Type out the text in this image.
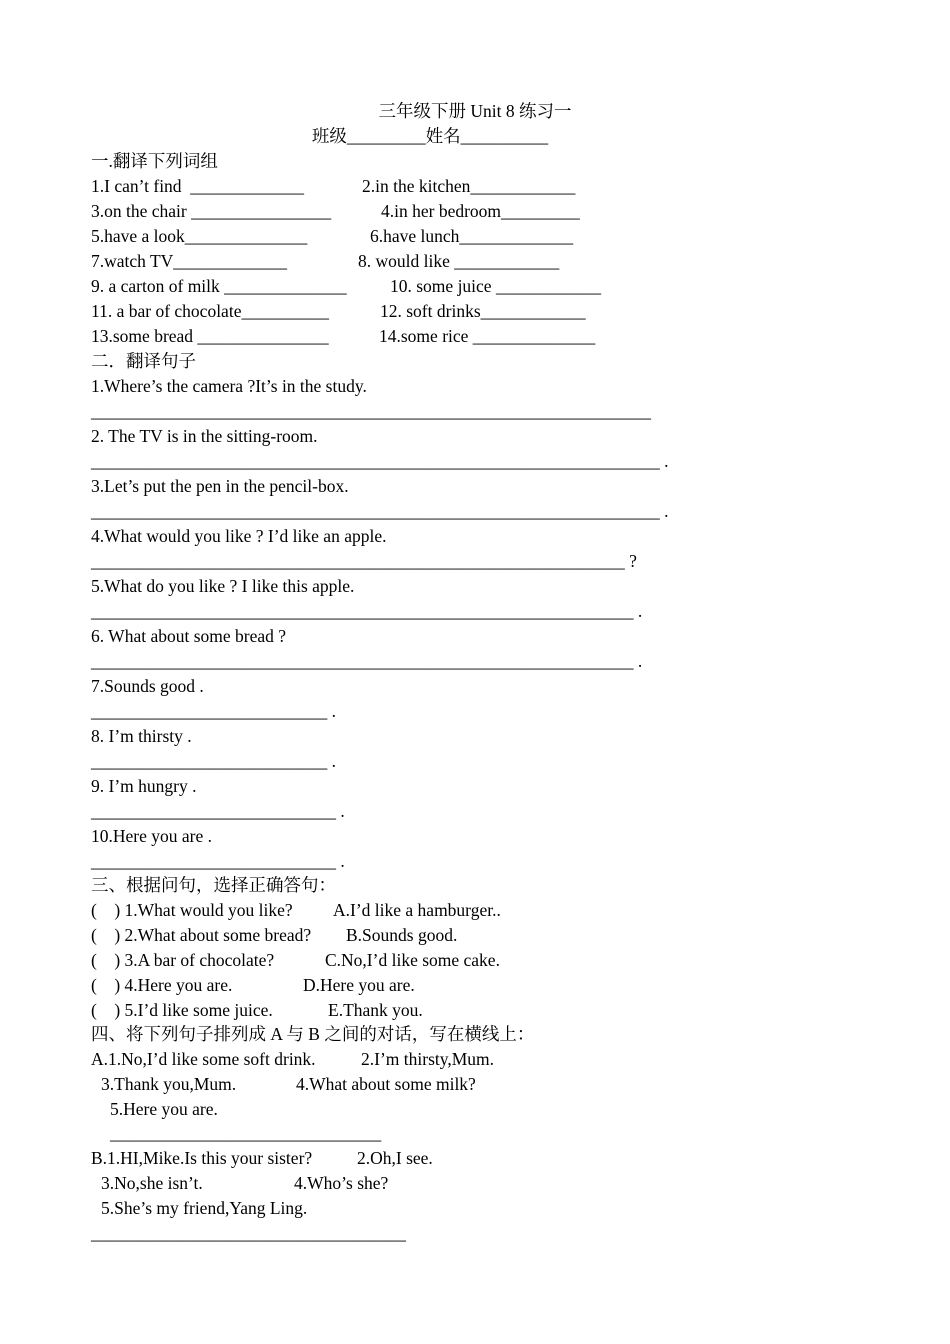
三年级下册 Unit 8 练习一
班级_________姓名__________
一.翻译下列词组
1.I can’t find  _____________	2.in the kitchen____________
3.on the chair ________________	4.in her bedroom_________
5.have a look______________	6.have lunch_____________
7.watch TV_____________	8. would like ____________
9. a carton of milk ______________ 10. some juice ____________
11. a bar of chocolate__________	12. soft drinks____________
13.some bread _______________	14.some rice ______________
二．翻译句子
1.Where’s the camera ?It’s in the study.
________________________________________________________________
2. The TV is in the sitting-room.
_________________________________________________________________ .
3.Let’s put the pen in the pencil-box.
_________________________________________________________________ .
4.What would you like ? I’d like an apple.
_____________________________________________________________ ?
5.What do you like ? I like this apple.
______________________________________________________________ .
6. What about some bread ?
______________________________________________________________ .
7.Sounds good .
___________________________ .
8. I’m thirsty .
___________________________ .
9. I’m hungry .
____________________________ .
10.Here you are .
____________________________ .
三、根据问句，选择正确答句：
(    ) 1.What would you like? A.I’d like a hamburger..
(    ) 2.What about some bread? B.Sounds good.
(    ) 3.A bar of chocolate?	C.No,I’d like some cake.
(    ) 4.Here you are.	D.Here you are.
(    ) 5.I’d like some juice.	E.Thank you.
四、将下列句子排列成 A 与 B 之间的对话，写在横线上：
A.1.No,I’d like some soft drink.	2.I’m thirsty,Mum.
3.Thank you,Mum.	4.What about some milk?
5.Here you are.
_______________________________
B.1.HI,Mike.Is this your sister?	2.Oh,I see.
3.No,she isn’t.	4.Who’s she?
5.She’s my friend,Yang Ling.
____________________________________
